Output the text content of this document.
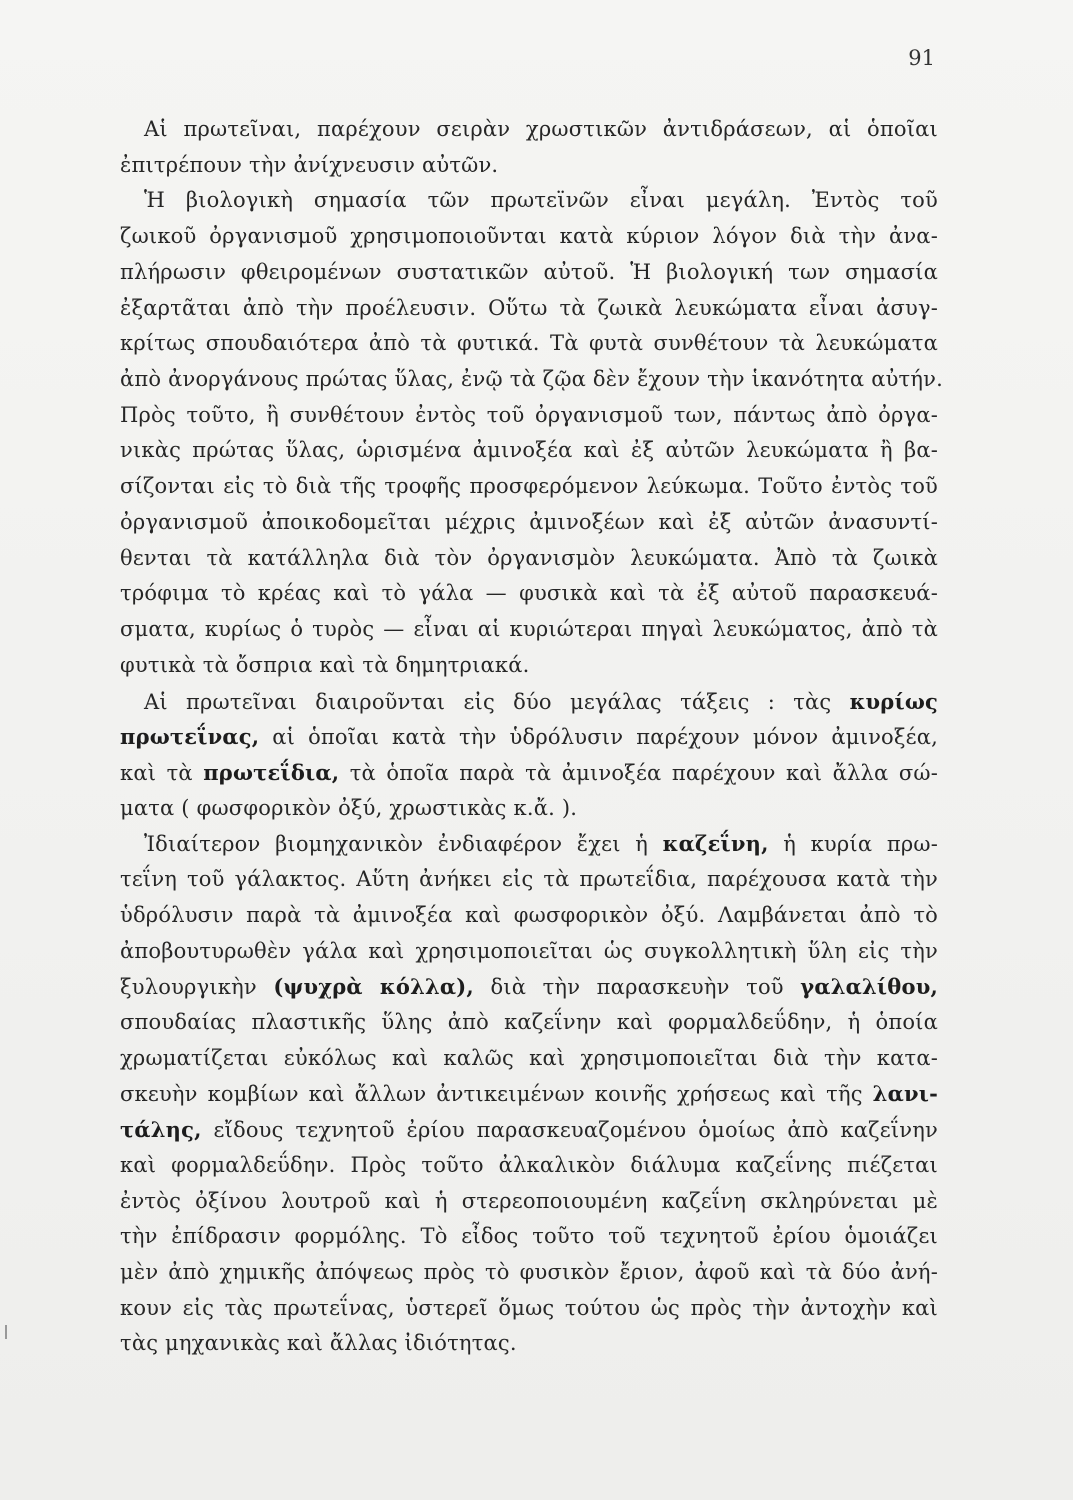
91
Αἱ πρωτεῖναι, παρέχουν σειρὰν χρωστικῶν ἀντιδράσεων, αἱ ὁποῖαι
ἐπιτρέπουν τὴν ἀνίχνευσιν αὐτῶν.
Ἡ βιολογικὴ σημασία τῶν πρωτεϊνῶν εἶναι μεγάλη. Ἐντὸς τοῦ
ζωικοῦ ὀργανισμοῦ χρησιμοποιοῦνται κατὰ κύριον λόγον διὰ τὴν ἀνα-
πλήρωσιν φθειρομένων συστατικῶν αὐτοῦ. Ἡ βιολογική των σημασία
ἐξαρτᾶται ἀπὸ τὴν προέλευσιν. Οὕτω τὰ ζωικὰ λευκώματα εἶναι ἀσυγ-
κρίτως σπουδαιότερα ἀπὸ τὰ φυτικά. Τὰ φυτὰ συνθέτουν τὰ λευκώματα
ἀπὸ ἀνοργάνους πρώτας ὕλας, ἐνῷ τὰ ζῷα δὲν ἔχουν τὴν ἱκανότητα αὐτήν.
Πρὸς τοῦτο, ἢ συνθέτουν ἐντὸς τοῦ ὀργανισμοῦ των, πάντως ἀπὸ ὀργα-
νικὰς πρώτας ὕλας, ὡρισμένα ἀμινοξέα καὶ ἐξ αὐτῶν λευκώματα ἢ βα-
σίζονται εἰς τὸ διὰ τῆς τροφῆς προσφερόμενον λεύκωμα. Τοῦτο ἐντὸς τοῦ
ὀργανισμοῦ ἀποικοδομεῖται μέχρις ἀμινοξέων καὶ ἐξ αὐτῶν ἀνασυντί-
θενται τὰ κατάλληλα διὰ τὸν ὀργανισμὸν λευκώματα. Ἀπὸ τὰ ζωικὰ
τρόφιμα τὸ κρέας καὶ τὸ γάλα — φυσικὰ καὶ τὰ ἐξ αὐτοῦ παρασκευά-
σματα, κυρίως ὁ τυρὸς — εἶναι αἱ κυριώτεραι πηγαὶ λευκώματος, ἀπὸ τὰ
φυτικὰ τὰ ὄσπρια καὶ τὰ δημητριακά.
Αἱ πρωτεῖναι διαιροῦνται εἰς δύο μεγάλας τάξεις : τὰς κυρίως
πρωτεΐνας, αἱ ὁποῖαι κατὰ τὴν ὑδρόλυσιν παρέχουν μόνον ἀμινοξέα,
καὶ τὰ πρωτεΐδια, τὰ ὁποῖα παρὰ τὰ ἀμινοξέα παρέχουν καὶ ἄλλα σώ-
ματα ( φωσφορικὸν ὀξύ, χρωστικὰς κ.ἄ. ).
Ἰδιαίτερον βιομηχανικὸν ἐνδιαφέρον ἔχει ἡ καζεΐνη, ἡ κυρία πρω-
τεΐνη τοῦ γάλακτος. Αὕτη ἀνήκει εἰς τὰ πρωτεΐδια, παρέχουσα κατὰ τὴν
ὑδρόλυσιν παρὰ τὰ ἀμινοξέα καὶ φωσφορικὸν ὀξύ. Λαμβάνεται ἀπὸ τὸ
ἀποβουτυρωθὲν γάλα καὶ χρησιμοποιεῖται ὡς συγκολλητικὴ ὕλη εἰς τὴν
ξυλουργικὴν (ψυχρὰ κόλλα), διὰ τὴν παρασκευὴν τοῦ γαλαλίθου,
σπουδαίας πλαστικῆς ὕλης ἀπὸ καζεΐνην καὶ φορμαλδεΰδην, ἡ ὁποία
χρωματίζεται εὐκόλως καὶ καλῶς καὶ χρησιμοποιεῖται διὰ τὴν κατα-
σκευὴν κομβίων καὶ ἄλλων ἀντικειμένων κοινῆς χρήσεως καὶ τῆς λανι-
τάλης, εἴδους τεχνητοῦ ἐρίου παρασκευαζομένου ὁμοίως ἀπὸ καζεΐνην
καὶ φορμαλδεΰδην. Πρὸς τοῦτο ἀλκαλικὸν διάλυμα καζεΐνης πιέζεται
ἐντὸς ὀξίνου λουτροῦ καὶ ἡ στερεοποιουμένη καζεΐνη σκληρύνεται μὲ
τὴν ἐπίδρασιν φορμόλης. Τὸ εἶδος τοῦτο τοῦ τεχνητοῦ ἐρίου ὁμοιάζει
μὲν ἀπὸ χημικῆς ἀπόψεως πρὸς τὸ φυσικὸν ἔριον, ἀφοῦ καὶ τὰ δύο ἀνή-
κουν εἰς τὰς πρωτεΐνας, ὑστερεῖ ὅμως τούτου ὡς πρὸς τὴν ἀντοχὴν καὶ
τὰς μηχανικὰς καὶ ἄλλας ἰδιότητας.
